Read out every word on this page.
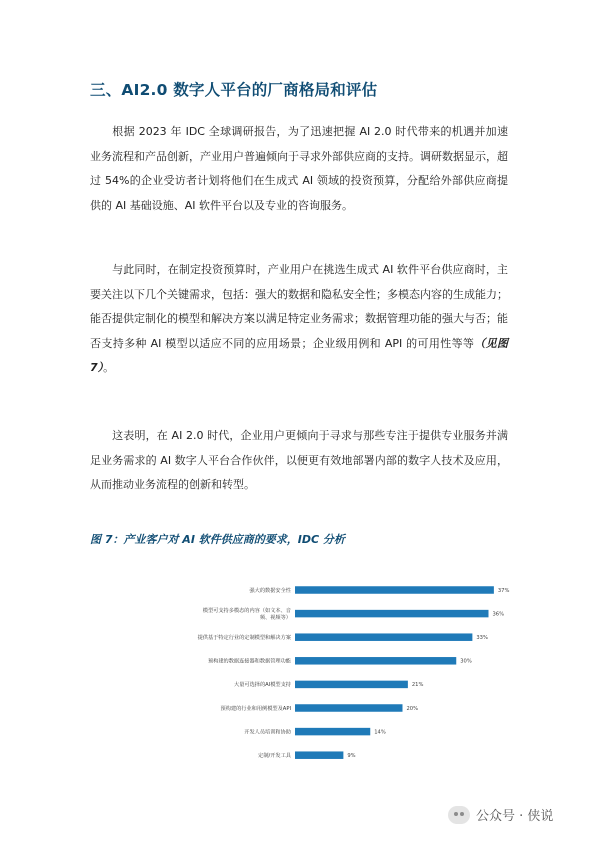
三、AI2.0 数字人平台的厂商格局和评估

根据 2023 年 IDC 全球调研报告，为了迅速把握 AI 2.0 时代带来的机遇并加速业务流程和产品创新，产业用户普遍倾向于寻求外部供应商的支持。调研数据显示，超过 54%的企业受访者计划将他们在生成式 AI 领域的投资预算，分配给外部供应商提供的 AI 基础设施、AI 软件平台以及专业的咨询服务。

与此同时，在制定投资预算时，产业用户在挑选生成式 AI 软件平台供应商时，主要关注以下几个关键需求，包括：强大的数据和隐私安全性；多模态内容的生成能力；能否提供定制化的模型和解决方案以满足特定业务需求；数据管理功能的强大与否；能否支持多种 AI 模型以适应不同的应用场景；企业级用例和 API 的可用性等等（见图 7）。

这表明，在 AI 2.0 时代，企业用户更倾向于寻求与那些专注于提供专业服务并满足业务需求的 AI 数字人平台合作伙伴，以便更有效地部署内部的数字人技术及应用，从而推动业务流程的创新和转型。

图 7：产业客户对 AI 软件供应商的要求，IDC 分析

强大的数据安全性	37%
模型可支持多模态的内容（如文本、音
频、视频等）
36%
提供基于特定行业的定制模型和解决方案	33%
预构建的数据连接器和数据管理功能	30%
大量可选择的AI模型支持	21%
预构建的行业和用例模型及API	20%
开发人员培训和协助	14%
定制/开发工具	9%
公众号 · 侠说
